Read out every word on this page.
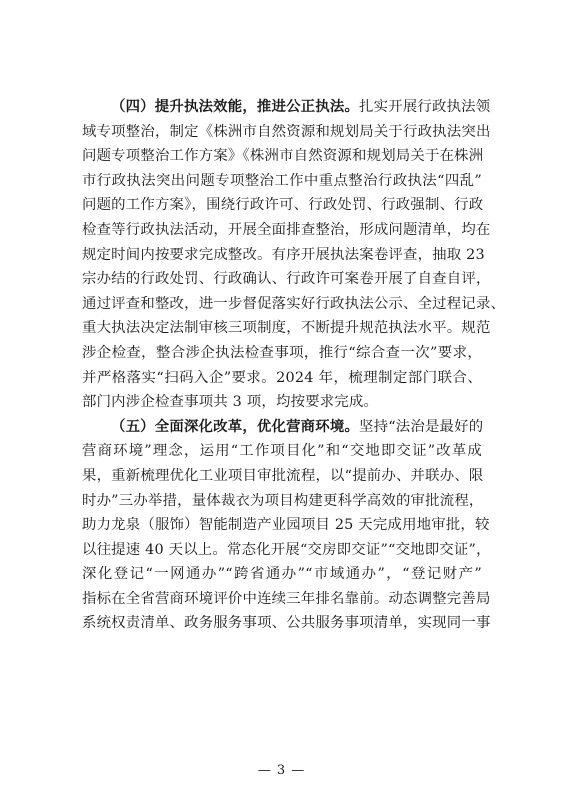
（四）提升执法效能，推进公正执法。扎实开展行政执法领
域专项整治，制定《株洲市自然资源和规划局关于行政执法突出
问题专项整治工作方案》《株洲市自然资源和规划局关于在株洲
市行政执法突出问题专项整治工作中重点整治行政执法“四乱”
问题的工作方案》，围绕行政许可、行政处罚、行政强制、行政
检查等行政执法活动，开展全面排查整治，形成问题清单，均在
规定时间内按要求完成整改。有序开展执法案卷评查，抽取 23
宗办结的行政处罚、行政确认、行政许可案卷开展了自查自评，
通过评查和整改，进一步督促落实好行政执法公示、全过程记录、
重大执法决定法制审核三项制度，不断提升规范执法水平。规范
涉企检查，整合涉企执法检查事项，推行“综合查一次”要求，
并严格落实“扫码入企”要求。2024 年，梳理制定部门联合、
部门内涉企检查事项共 3 项，均按要求完成。
（五）全面深化改革，优化营商环境。坚持“法治是最好的
营商环境”理念，运用“工作项目化”和“交地即交证”改革成
果，重新梳理优化工业项目审批流程，以“提前办、并联办、限
时办”三办举措，量体裁衣为项目构建更科学高效的审批流程，
助力龙泉（服饰）智能制造产业园项目 25 天完成用地审批，较
以往提速 40 天以上。常态化开展“交房即交证”“交地即交证”，
深化登记“一网通办”“跨省通办”“市域通办”，“登记财产”
指标在全省营商环境评价中连续三年排名靠前。动态调整完善局
系统权责清单、政务服务事项、公共服务事项清单，实现同一事
— 3 —
